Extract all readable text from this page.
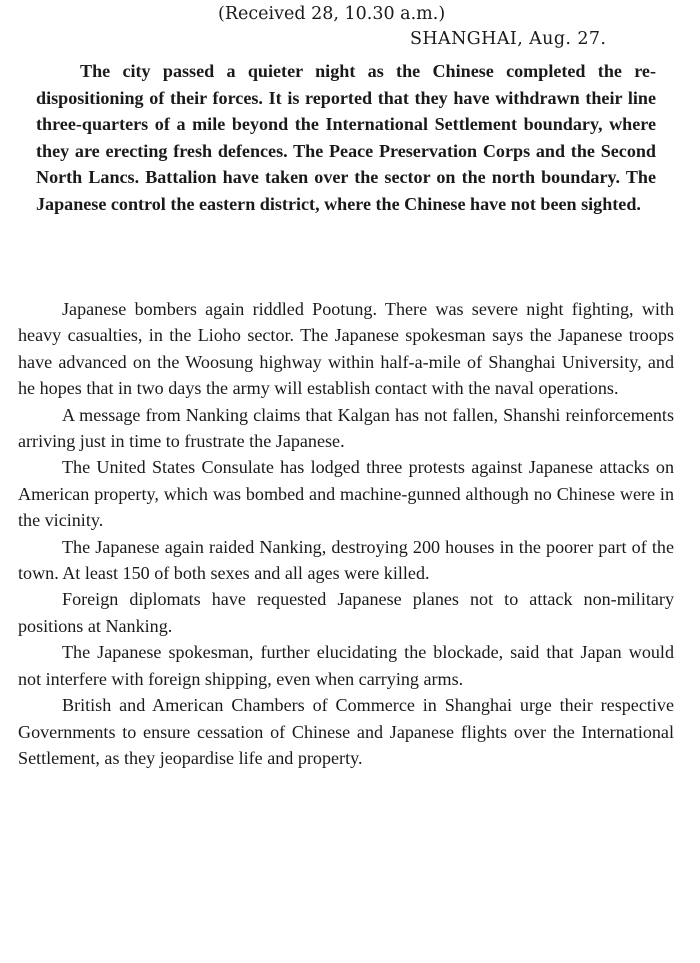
(Received 28, 10.30 a.m.)
SHANGHAI, Aug. 27.

The city passed a quieter night as the Chinese completed the re-dispositioning of their forces. It is reported that they have withdrawn their line three-quarters of a mile beyond the International Settlement boundary, where they are erecting fresh defences. The Peace Preservation Corps and the Second North Lancs. Battalion have taken over the sector on the north boundary. The Japanese control the eastern district, where the Chinese have not been sighted.

Japanese bombers again riddled Pootung. There was severe night fighting, with heavy casualties, in the Lioho sector. The Japanese spokesman says the Japanese troops have advanced on the Woosung highway within half-a-mile of Shanghai University, and he hopes that in two days the army will establish contact with the naval operations.

A message from Nanking claims that Kalgan has not fallen, Shanshi reinforcements arriving just in time to frustrate the Japanese.

The United States Consulate has lodged three protests against Japanese attacks on American property, which was bombed and machine-gunned although no Chinese were in the vicinity.

The Japanese again raided Nanking, destroying 200 houses in the poorer part of the town. At least 150 of both sexes and all ages were killed.

Foreign diplomats have requested Japanese planes not to attack non-military positions at Nanking.

The Japanese spokesman, further elucidating the blockade, said that Japan would not interfere with foreign shipping, even when carrying arms.

British and American Chambers of Commerce in Shanghai urge their respective Governments to ensure cessation of Chinese and Japanese flights over the International Settlement, as they jeopardise life and property.
